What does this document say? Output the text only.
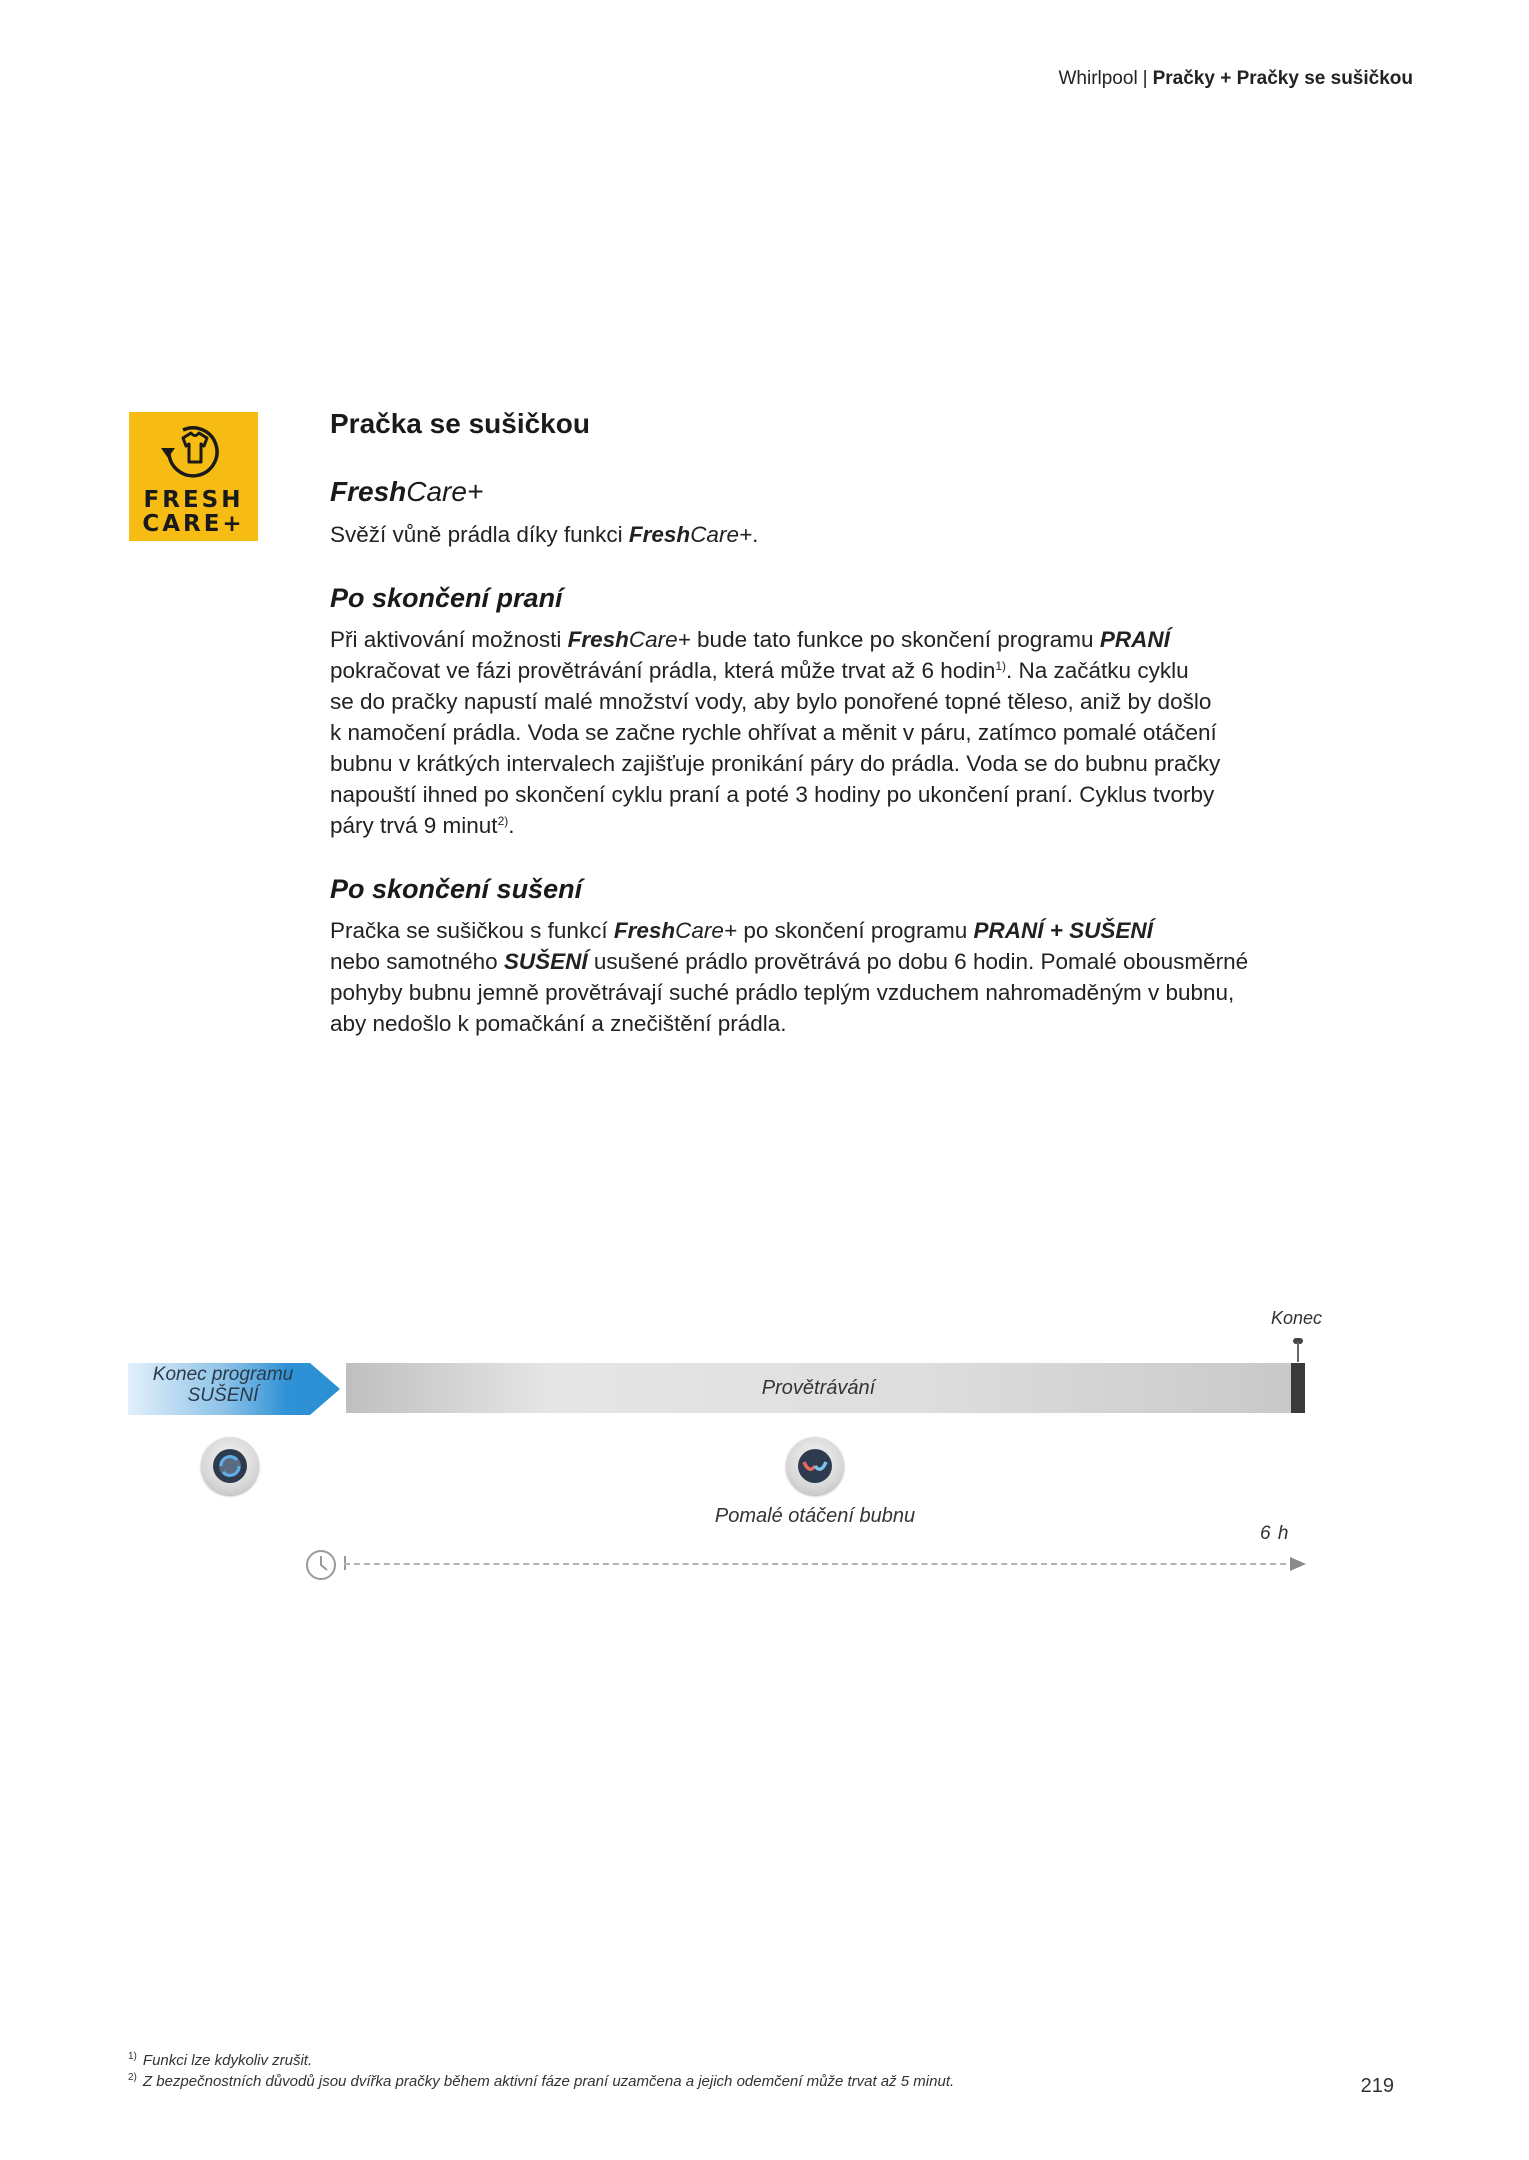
Whirlpool | Pračky + Pračky se sušičkou
FRESH
CARE+
Pračka se sušičkou
FreshCare+
Svěží vůně prádla díky funkci FreshCare+.
Po skončení praní
Při aktivování možnosti FreshCare+ bude tato funkce po skončení programu PRANÍ
pokračovat ve fázi provětrávání prádla, která může trvat až 6 hodin$^{1)}$. Na začátku cyklu
se do pračky napustí malé množství vody, aby bylo ponořené topné těleso, aniž by došlo
k namočení prádla. Voda se začne rychle ohřívat a měnit v páru, zatímco pomalé otáčení
bubnu v krátkých intervalech zajišťuje pronikání páry do prádla. Voda se do bubnu pračky
napouští ihned po skončení cyklu praní a poté 3 hodiny po ukončení praní. Cyklus tvorby
páry trvá 9 minut$^{2)}$.
Po skončení sušení
Pračka se sušičkou s funkcí FreshCare+ po skončení programu PRANÍ + SUŠENÍ
nebo samotného SUŠENÍ usušené prádlo provětrává po dobu 6 hodin. Pomalé obousměrné
pohyby bubnu jemně provětrávají suché prádlo teplým vzduchem nahromaděným v bubnu,
aby nedošlo k pomačkání a znečištění prádla.
Konec
Konec programu
SUŠENÍ	Provětrávání
Pomalé otáčení bubnu
6 h
$^{1)}$ Funkci lze kdykoliv zrušit.
$^{2)}$ Z bezpečnostních důvodů jsou dvířka pračky během aktivní fáze praní uzamčena a jejich odemčení může trvat až 5 minut.	219
